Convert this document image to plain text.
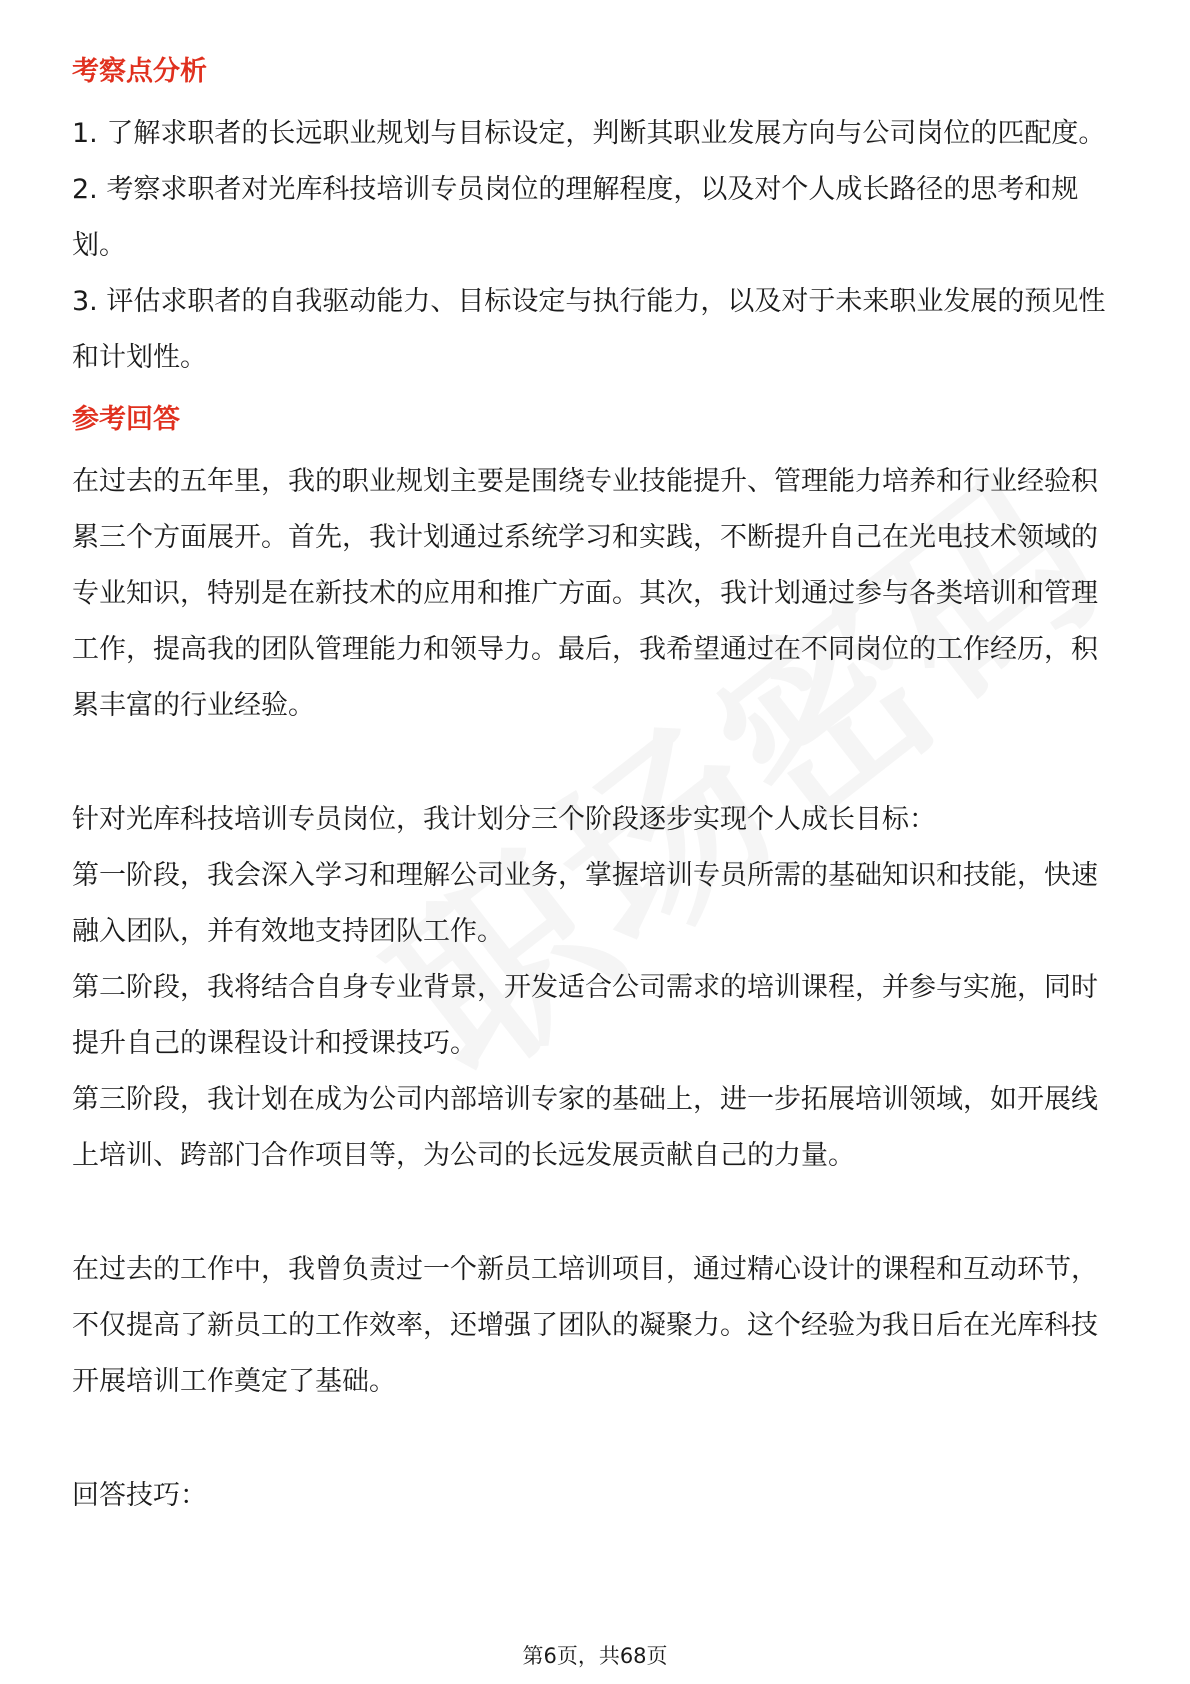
考察点分析

1. 了解求职者的长远职业规划与目标设定，判断其职业发展方向与公司岗位的匹配度。

2. 考察求职者对光库科技培训专员岗位的理解程度，以及对个人成长路径的思考和规划。

3. 评估求职者的自我驱动能力、目标设定与执行能力，以及对于未来职业发展的预见性和计划性。

参考回答

在过去的五年里，我的职业规划主要是围绕专业技能提升、管理能力培养和行业经验积累三个方面展开。首先，我计划通过系统学习和实践，不断提升自己在光电技术领域的专业知识，特别是在新技术的应用和推广方面。其次，我计划通过参与各类培训和管理工作，提高我的团队管理能力和领导力。最后，我希望通过在不同岗位的工作经历，积累丰富的行业经验。

针对光库科技培训专员岗位，我计划分三个阶段逐步实现个人成长目标：

第一阶段，我会深入学习和理解公司业务，掌握培训专员所需的基础知识和技能，快速融入团队，并有效地支持团队工作。

第二阶段，我将结合自身专业背景，开发适合公司需求的培训课程，并参与实施，同时提升自己的课程设计和授课技巧。

第三阶段，我计划在成为公司内部培训专家的基础上，进一步拓展培训领域，如开展线上培训、跨部门合作项目等，为公司的长远发展贡献自己的力量。

在过去的工作中，我曾负责过一个新员工培训项目，通过精心设计的课程和互动环节，不仅提高了新员工的工作效率，还增强了团队的凝聚力。这个经验为我日后在光库科技开展培训工作奠定了基础。

回答技巧：

第6页，共68页
